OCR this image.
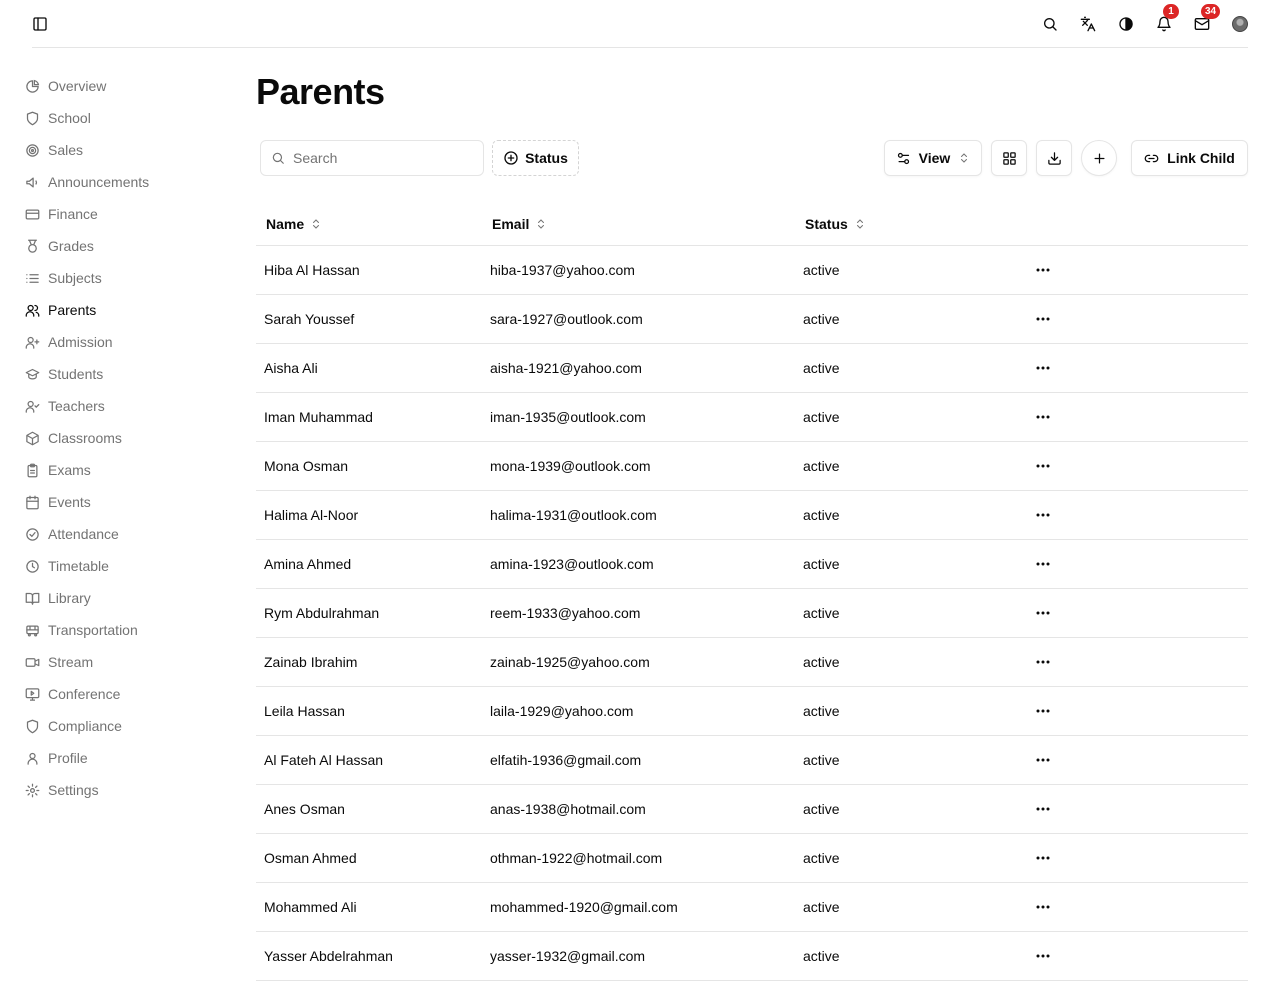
1	34
Overview
School
Sales
Announcements
Finance
Grades
Subjects
Parents
Admission
Students
Teachers
Classrooms
Exams
Events
Attendance
Timetable
Library
Transportation
Stream
Conference
Compliance
Profile
Settings
Parents
Search
Status	View	Link Child
Name	Email	Status	

Hiba Al Hassan	hiba-1937@yahoo.com	active	

Sarah Youssef	sara-1927@outlook.com	active	

Aisha Ali	aisha-1921@yahoo.com	active	

Iman Muhammad	iman-1935@outlook.com	active	

Mona Osman	mona-1939@outlook.com	active	

Halima Al-Noor	halima-1931@outlook.com	active	

Amina Ahmed	amina-1923@outlook.com	active	

Rym Abdulrahman	reem-1933@yahoo.com	active	

Zainab Ibrahim	zainab-1925@yahoo.com	active	

Leila Hassan	laila-1929@yahoo.com	active	

Al Fateh Al Hassan	elfatih-1936@gmail.com	active	

Anes Osman	anas-1938@hotmail.com	active	

Osman Ahmed	othman-1922@hotmail.com	active	

Mohammed Ali	mohammed-1920@gmail.com	active	

Yasser Abdelrahman	yasser-1932@gmail.com	active	
